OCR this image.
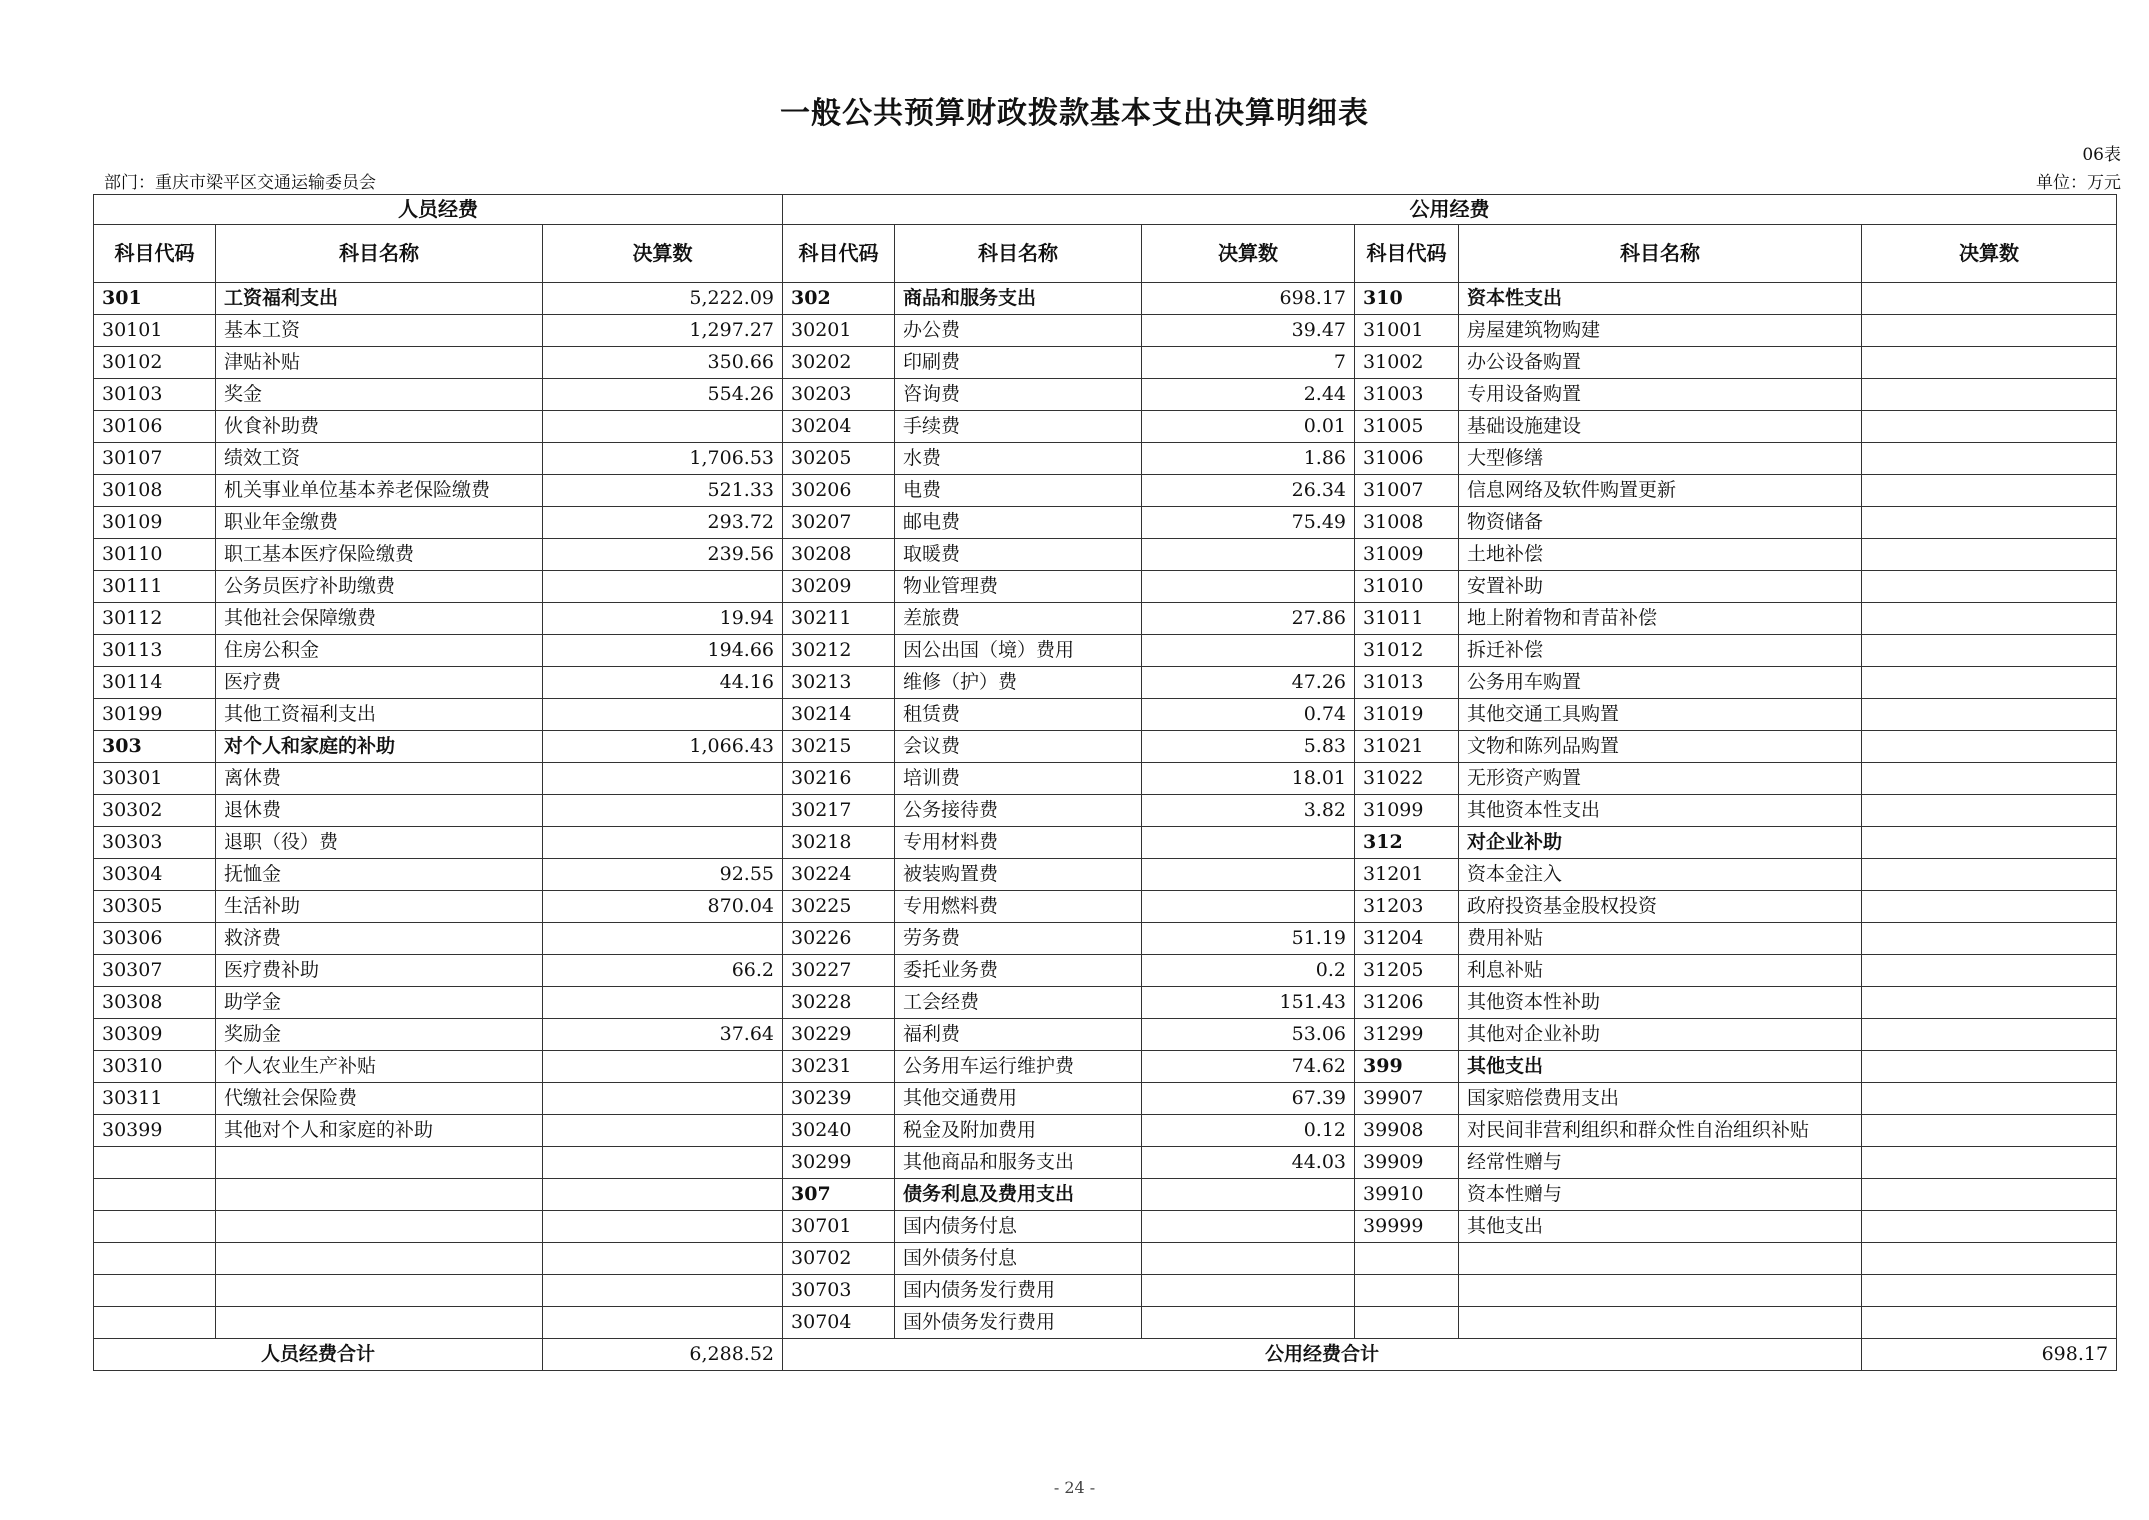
一般公共预算财政拨款基本支出决算明细表
06表
部门：重庆市梁平区交通运输委员会	单位：万元
人员经费			公用经费					
科目代码	科目名称	决算数	科目代码	科目名称	决算数	科目代码	科目名称	决算数
301	工资福利支出	5,222.09	302	商品和服务支出	698.17	310	资本性支出	
30101	基本工资	1,297.27	30201	办公费	39.47	31001	房屋建筑物购建	
30102	津贴补贴	350.66	30202	印刷费	7	31002	办公设备购置	
30103	奖金	554.26	30203	咨询费	2.44	31003	专用设备购置	
30106	伙食补助费		30204	手续费	0.01	31005	基础设施建设	
30107	绩效工资	1,706.53	30205	水费	1.86	31006	大型修缮	
30108	机关事业单位基本养老保险缴费	521.33	30206	电费	26.34	31007	信息网络及软件购置更新	
30109	职业年金缴费	293.72	30207	邮电费	75.49	31008	物资储备	
30110	职工基本医疗保险缴费	239.56	30208	取暖费		31009	土地补偿	
30111	公务员医疗补助缴费		30209	物业管理费		31010	安置补助	
30112	其他社会保障缴费	19.94	30211	差旅费	27.86	31011	地上附着物和青苗补偿	
30113	住房公积金	194.66	30212	因公出国（境）费用		31012	拆迁补偿	
30114	医疗费	44.16	30213	维修（护）费	47.26	31013	公务用车购置	
30199	其他工资福利支出		30214	租赁费	0.74	31019	其他交通工具购置	
303	对个人和家庭的补助	1,066.43	30215	会议费	5.83	31021	文物和陈列品购置	
30301	离休费		30216	培训费	18.01	31022	无形资产购置	
30302	退休费		30217	公务接待费	3.82	31099	其他资本性支出	
30303	退职（役）费		30218	专用材料费		312	对企业补助	
30304	抚恤金	92.55	30224	被装购置费		31201	资本金注入	
30305	生活补助	870.04	30225	专用燃料费		31203	政府投资基金股权投资	
30306	救济费		30226	劳务费	51.19	31204	费用补贴	
30307	医疗费补助	66.2	30227	委托业务费	0.2	31205	利息补贴	
30308	助学金		30228	工会经费	151.43	31206	其他资本性补助	
30309	奖励金	37.64	30229	福利费	53.06	31299	其他对企业补助	
30310	个人农业生产补贴		30231	公务用车运行维护费	74.62	399	其他支出	
30311	代缴社会保险费		30239	其他交通费用	67.39	39907	国家赔偿费用支出	
30399	其他对个人和家庭的补助		30240	税金及附加费用	0.12	39908	对民间非营利组织和群众性自治组织补贴	
			30299	其他商品和服务支出	44.03	39909	经常性赠与	
			307	债务利息及费用支出		39910	资本性赠与	
			30701	国内债务付息		39999	其他支出	
			30702	国外债务付息				
			30703	国内债务发行费用				
			30704	国外债务发行费用				
人员经费合计		6,288.52	公用经费合计					698.17
- 24 -
